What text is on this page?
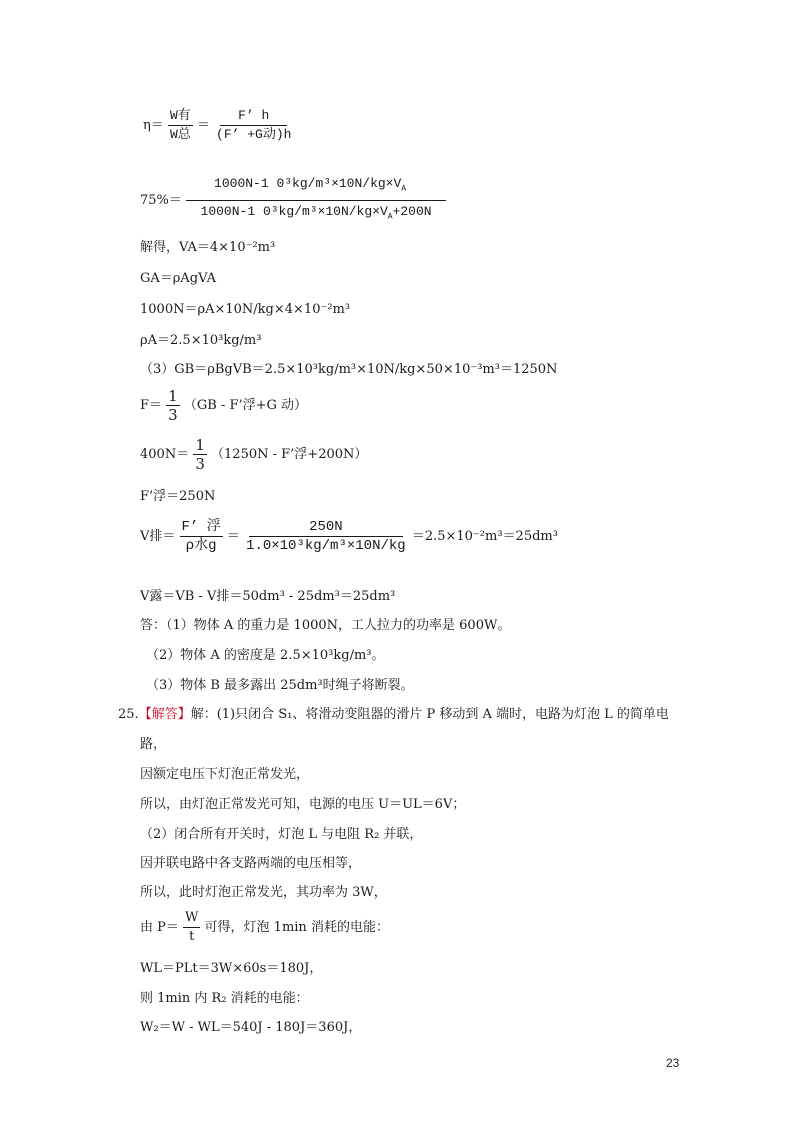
$\eta= \frac{\text{W有}}{\text{W总}} = \frac{F’ h}{\text{(F’ +G动)h}}$
$75\%= \frac{1000N-1 0^3kg/m^3\times 10N/kg\times V_A}{1000N-1 0^3kg/m^3\times 10N/kg\times V_A+200N}$
解得，VA＝4×10⁻²m³
GA＝ρAgVA
1000N＝ρA×10N/kg×4×10⁻²m³
ρA＝2.5×10³kg/m³
（3）GB＝ρBgVB＝2.5×10³kg/m³×10N/kg×50×10⁻³m³＝1250N
$F= \frac{1}{3} (GB - F$’浮+G 动）
$400N= \frac{1}{3} (1250N - F$’浮+200N）
F’浮＝250N
V排＝ $\frac{\text{F’ 浮}}{\text{ρ水g}} = \frac{250N}{\text{1.0×10³kg/m³×10N/kg}} =2.5\times 10^{-2}m^3=25dm^3$
V露＝VB - V排＝50dm³ - 25dm³＝25dm³
答：（1）物体 A 的重力是 1000N，工人拉力的功率是 600W。
（2）物体 A 的密度是 2.5×10³kg/m³。
（3）物体 B 最多露出 25dm³时绳子将断裂。
25.【解答】解：(1)只闭合 S₁、将滑动变阻器的滑片 P 移动到 A 端时，电路为灯泡 L 的简单电
路，
因额定电压下灯泡正常发光，
所以，由灯泡正常发光可知，电源的电压 U＝UL＝6V；
（2）闭合所有开关时，灯泡 L 与电阻 R₂ 并联，
因并联电路中各支路两端的电压相等，
所以，此时灯泡正常发光，其功率为 3W，
由 $P= \frac{W}{t}$ 可得，灯泡 1min 消耗的电能：
WL＝PLt＝3W×60s＝180J，
则 1min 内 R₂ 消耗的电能：
W₂＝W - WL＝540J - 180J＝360J，
23
